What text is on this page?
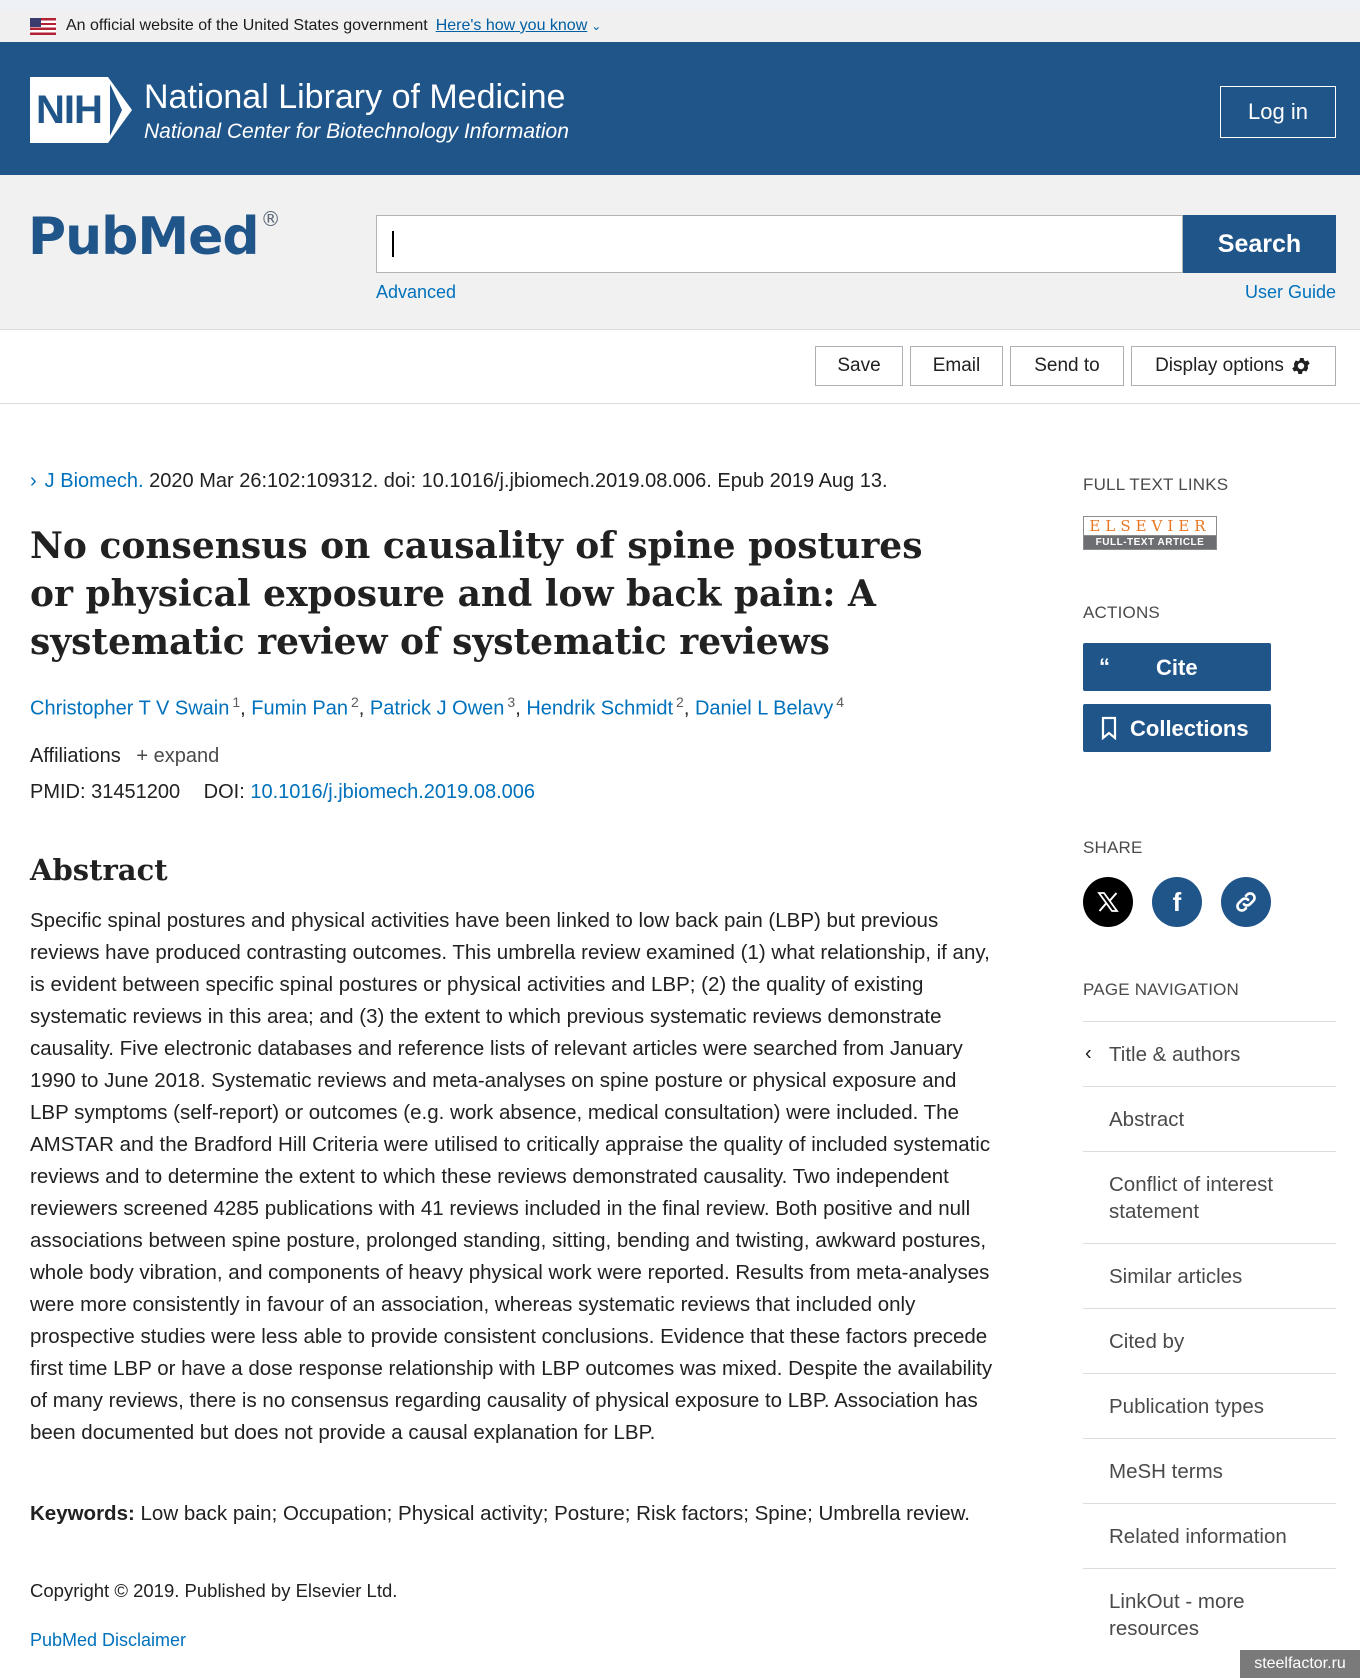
An official website of the United States government Here's how you know ⌄
NIH National Library of Medicine
National Center for Biotechnology Information
Log in
PubMed ®
Search
Advanced	User Guide
Save	Email	Send to	Display options
› J Biomech. 2020 Mar 26:102:109312. doi: 10.1016/j.jbiomech.2019.08.006. Epub 2019 Aug 13.
No consensus on causality of spine postures or physical exposure and low back pain: A systematic review of systematic reviews
Christopher T V Swain $^1$, Fumin Pan $^2$, Patrick J Owen $^3$, Hendrik Schmidt $^2$, Daniel L Belavy $^4$
Affiliations + expand
PMID: 31451200 DOI: 10.1016/j.jbiomech.2019.08.006
Abstract

Specific spinal postures and physical activities have been linked to low back pain (LBP) but previous reviews have produced contrasting outcomes. This umbrella review examined (1) what relationship, if any, is evident between specific spinal postures or physical activities and LBP; (2) the quality of existing systematic reviews in this area; and (3) the extent to which previous systematic reviews demonstrate causality. Five electronic databases and reference lists of relevant articles were searched from January 1990 to June 2018. Systematic reviews and meta-analyses on spine posture or physical exposure and LBP symptoms (self-report) or outcomes (e.g. work absence, medical consultation) were included. The AMSTAR and the Bradford Hill Criteria were utilised to critically appraise the quality of included systematic reviews and to determine the extent to which these reviews demonstrated causality. Two independent reviewers screened 4285 publications with 41 reviews included in the final review. Both positive and null associations between spine posture, prolonged standing, sitting, bending and twisting, awkward postures, whole body vibration, and components of heavy physical work were reported. Results from meta-analyses were more consistently in favour of an association, whereas systematic reviews that included only prospective studies were less able to provide consistent conclusions. Evidence that these factors precede first time LBP or have a dose response relationship with LBP outcomes was mixed. Despite the availability of many reviews, there is no consensus regarding causality of physical exposure to LBP. Association has been documented but does not provide a causal explanation for LBP.

Keywords: Low back pain; Occupation; Physical activity; Posture; Risk factors; Spine; Umbrella review.

Copyright © 2019. Published by Elsevier Ltd.
PubMed Disclaimer
FULL TEXT LINKS
ELSEVIER
FULL-TEXT ARTICLE
ACTIONS
“ Cite
Collections
SHARE
f
PAGE NAVIGATION
‹ Title & authors
Abstract
Conflict of interest statement
Similar articles
Cited by
Publication types
MeSH terms
Related information
LinkOut - more resources
steelfactor.ru
